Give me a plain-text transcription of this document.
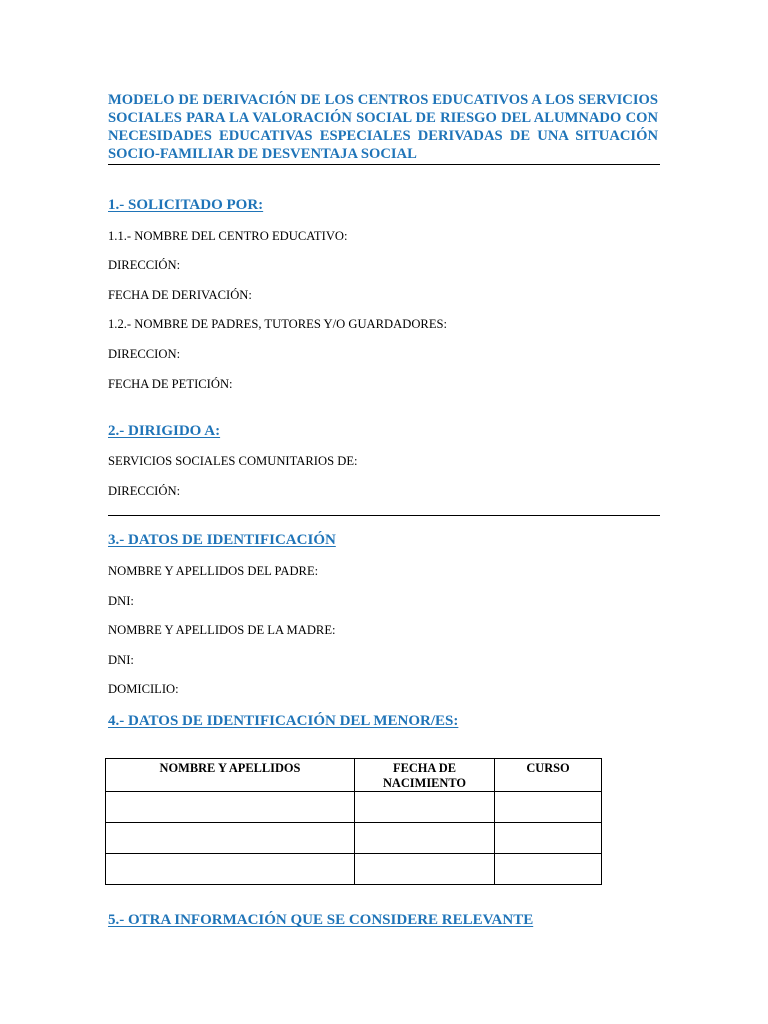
MODELO DE DERIVACIÓN DE LOS CENTROS EDUCATIVOS A LOS SERVICIOS SOCIALES PARA LA VALORACIÓN SOCIAL DE RIESGO DEL ALUMNADO CON NECESIDADES EDUCATIVAS ESPECIALES DERIVADAS DE UNA SITUACIÓN SOCIO-FAMILIAR DE DESVENTAJA SOCIAL
1.- SOLICITADO POR:

1.1.- NOMBRE DEL CENTRO EDUCATIVO:

DIRECCIÓN:

FECHA DE DERIVACIÓN:

1.2.- NOMBRE DE PADRES, TUTORES Y/O GUARDADORES:

DIRECCION:

FECHA DE PETICIÓN:

2.- DIRIGIDO A:

SERVICIOS SOCIALES COMUNITARIOS DE:

DIRECCIÓN:

3.- DATOS DE IDENTIFICACIÓN

NOMBRE Y APELLIDOS DEL PADRE:

DNI:

NOMBRE Y APELLIDOS DE LA MADRE:

DNI:

DOMICILIO:

4.- DATOS DE IDENTIFICACIÓN DEL MENOR/ES:
NOMBRE Y APELLIDOS	FECHA DE NACIMIENTO	CURSO

5.- OTRA INFORMACIÓN QUE SE CONSIDERE RELEVANTE
